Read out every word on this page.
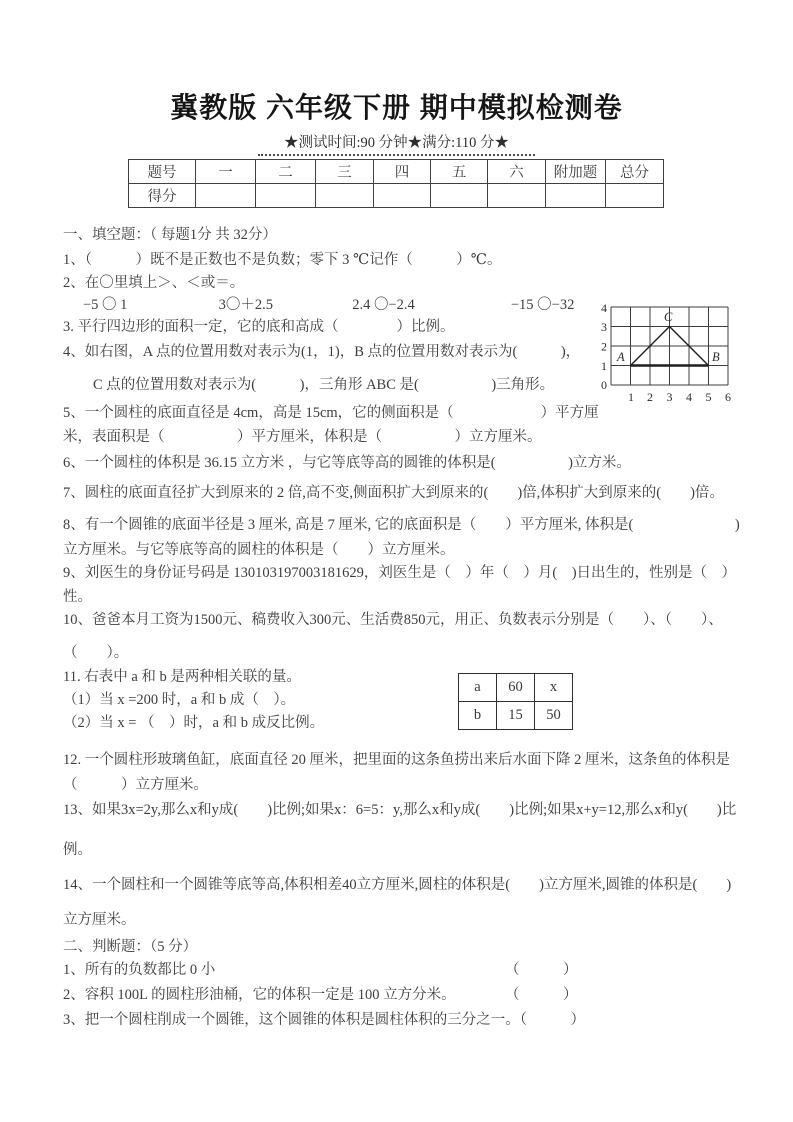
冀教版 六年级下册 期中模拟检测卷
★测试时间:90 分钟★满分:110 分★
题号	一	二	三	四	五	六	附加题	总分
得分								

一、填空题：（ 每题1分 共 32分）

1、（　　　）既不是正数也不是负数；零下 3 ℃记作（　　　）℃。

2、在〇里填上＞、＜或＝。

−5 〇 1	3〇＋2.5	2.4 〇−2.4	−15 〇−32

3. 平行四边形的面积一定，它的底和高成（　　　　）比例。

4、如右图，A 点的位置用数对表示为(1，1)，B 点的位置用数对表示为(　　　)，

C 点的位置用数对表示为(　　　)，三角形 ABC 是(　　　　　)三角形。

5、一个圆柱的底面直径是 4cm，高是 15cm，它的侧面积是（　　　　　　）平方厘

米，表面积是（　　　　　）平方厘米，体积是（　　　　　）立方厘米。

6、一个圆柱的体积是 36.15 立方米 ，与它等底等高的圆锥的体积是(　　　　　)立方米。

7、圆柱的底面直径扩大到原来的 2 倍,高不变,侧面积扩大到原来的(　　)倍,体积扩大到原来的(　　)倍。

8、有一个圆锥的底面半径是 3 厘米, 高是 7 厘米, 它的底面积是（　　）平方厘米, 体积是(　　　　　　　)

立方厘米。与它等底等高的圆柱的体积是（　　）立方厘米。

9、刘医生的身份证号码是 130103197003181629，刘医生是（　）年（　）月(　)日出生的，性别是（　）

性。

10、爸爸本月工资为1500元、稿费收入300元、生活费850元，用正、负数表示分别是（　　）、（　　）、

（　　）。

11. 右表中 a 和 b 是两种相关联的量。

（1）当 x =200 时，a 和 b 成（　）。

（2）当 x = （　）时，a 和 b 成反比例。

12. 一个圆柱形玻璃鱼缸，底面直径 20 厘米，把里面的这条鱼捞出来后水面下降 2 厘米，这条鱼的体积是

（　　　）立方厘米。

13、如果3x=2y,那么x和y成(　　)比例;如果x：6=5：y,那么x和y成(　　)比例;如果x+y=12,那么x和y(　　)比

例。

14、一个圆柱和一个圆锥等底等高,体积相差40立方厘米,圆柱的体积是(　　)立方厘米,圆锥的体积是(　　)

立方厘米。

二、判断题：（5 分）

1、所有的负数都比 0 小	（　　　）

2、容积 100L 的圆柱形油桶，它的体积一定是 100 立方分米。	（　　　）

3、把一个圆柱削成一个圆锥，这个圆锥的体积是圆柱体积的三分之一。（　　　）

4
3
2
1
0
1 2 3 4 5 6
A	B
C
a	60	x
b	15	50
